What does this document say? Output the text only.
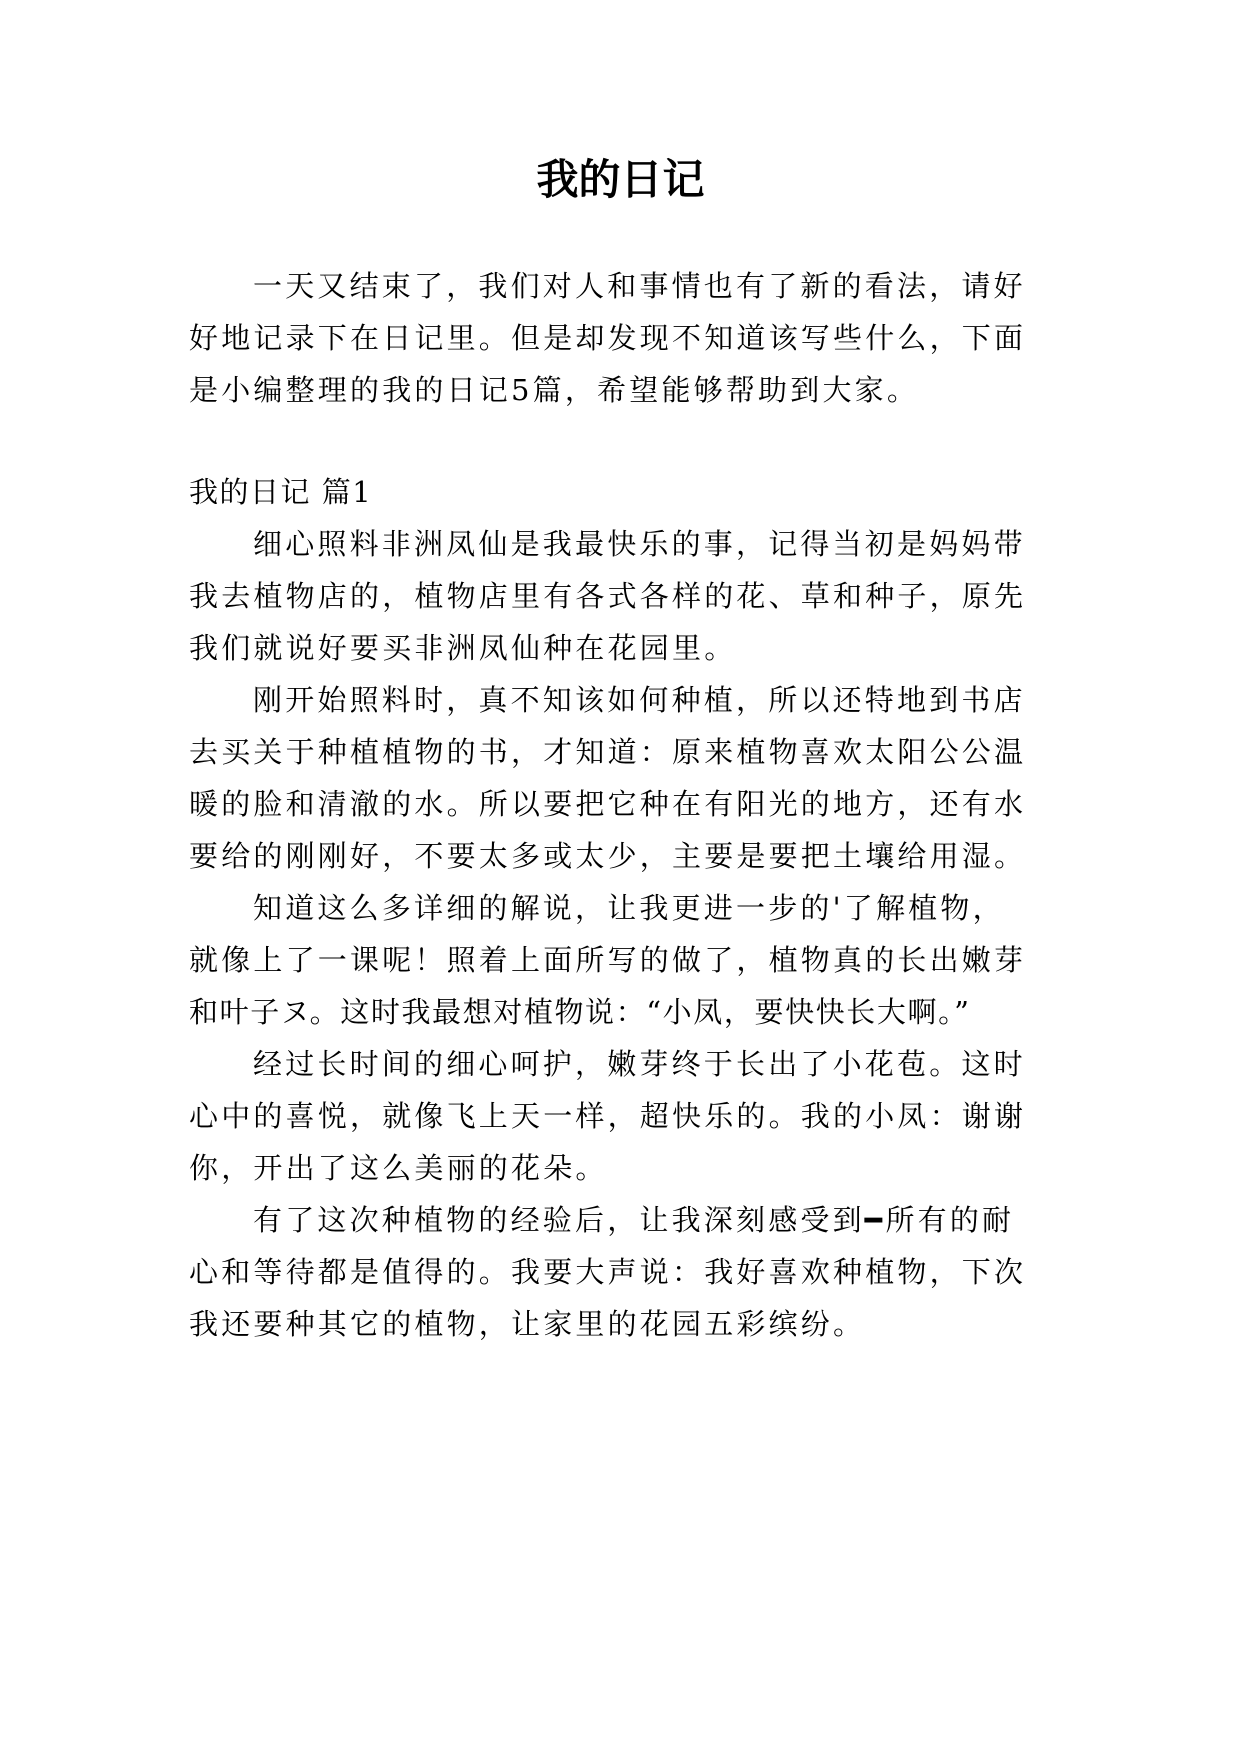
我的日记
一天又结束了，我们对人和事情也有了新的看法，请好
好地记录下在日记里。但是却发现不知道该写些什么，下面
是小编整理的我的日记5篇，希望能够帮助到大家。
我的日记 篇1
细心照料非洲凤仙是我最快乐的事，记得当初是妈妈带
我去植物店的，植物店里有各式各样的花、草和种子，原先
我们就说好要买非洲凤仙种在花园里。
刚开始照料时，真不知该如何种植，所以还特地到书店
去买关于种植植物的书，才知道：原来植物喜欢太阳公公温
暖的脸和清澈的水。所以要把它种在有阳光的地方，还有水
要给的刚刚好，不要太多或太少，主要是要把土壤给用湿。
知道这么多详细的解说，让我更进一步的'了解植物，
就像上了一课呢！照着上面所写的做了，植物真的长出嫩芽
和叶子ヌ。这时我最想对植物说：“小凤，要快快长大啊。”
经过长时间的细心呵护，嫩芽终于长出了小花苞。这时
心中的喜悦，就像飞上天一样，超快乐的。我的小凤：谢谢
你，开出了这么美丽的花朵。
有了这次种植物的经验后，让我深刻感受到━所有的耐
心和等待都是值得的。我要大声说：我好喜欢种植物，下次
我还要种其它的植物，让家里的花园五彩缤纷。
